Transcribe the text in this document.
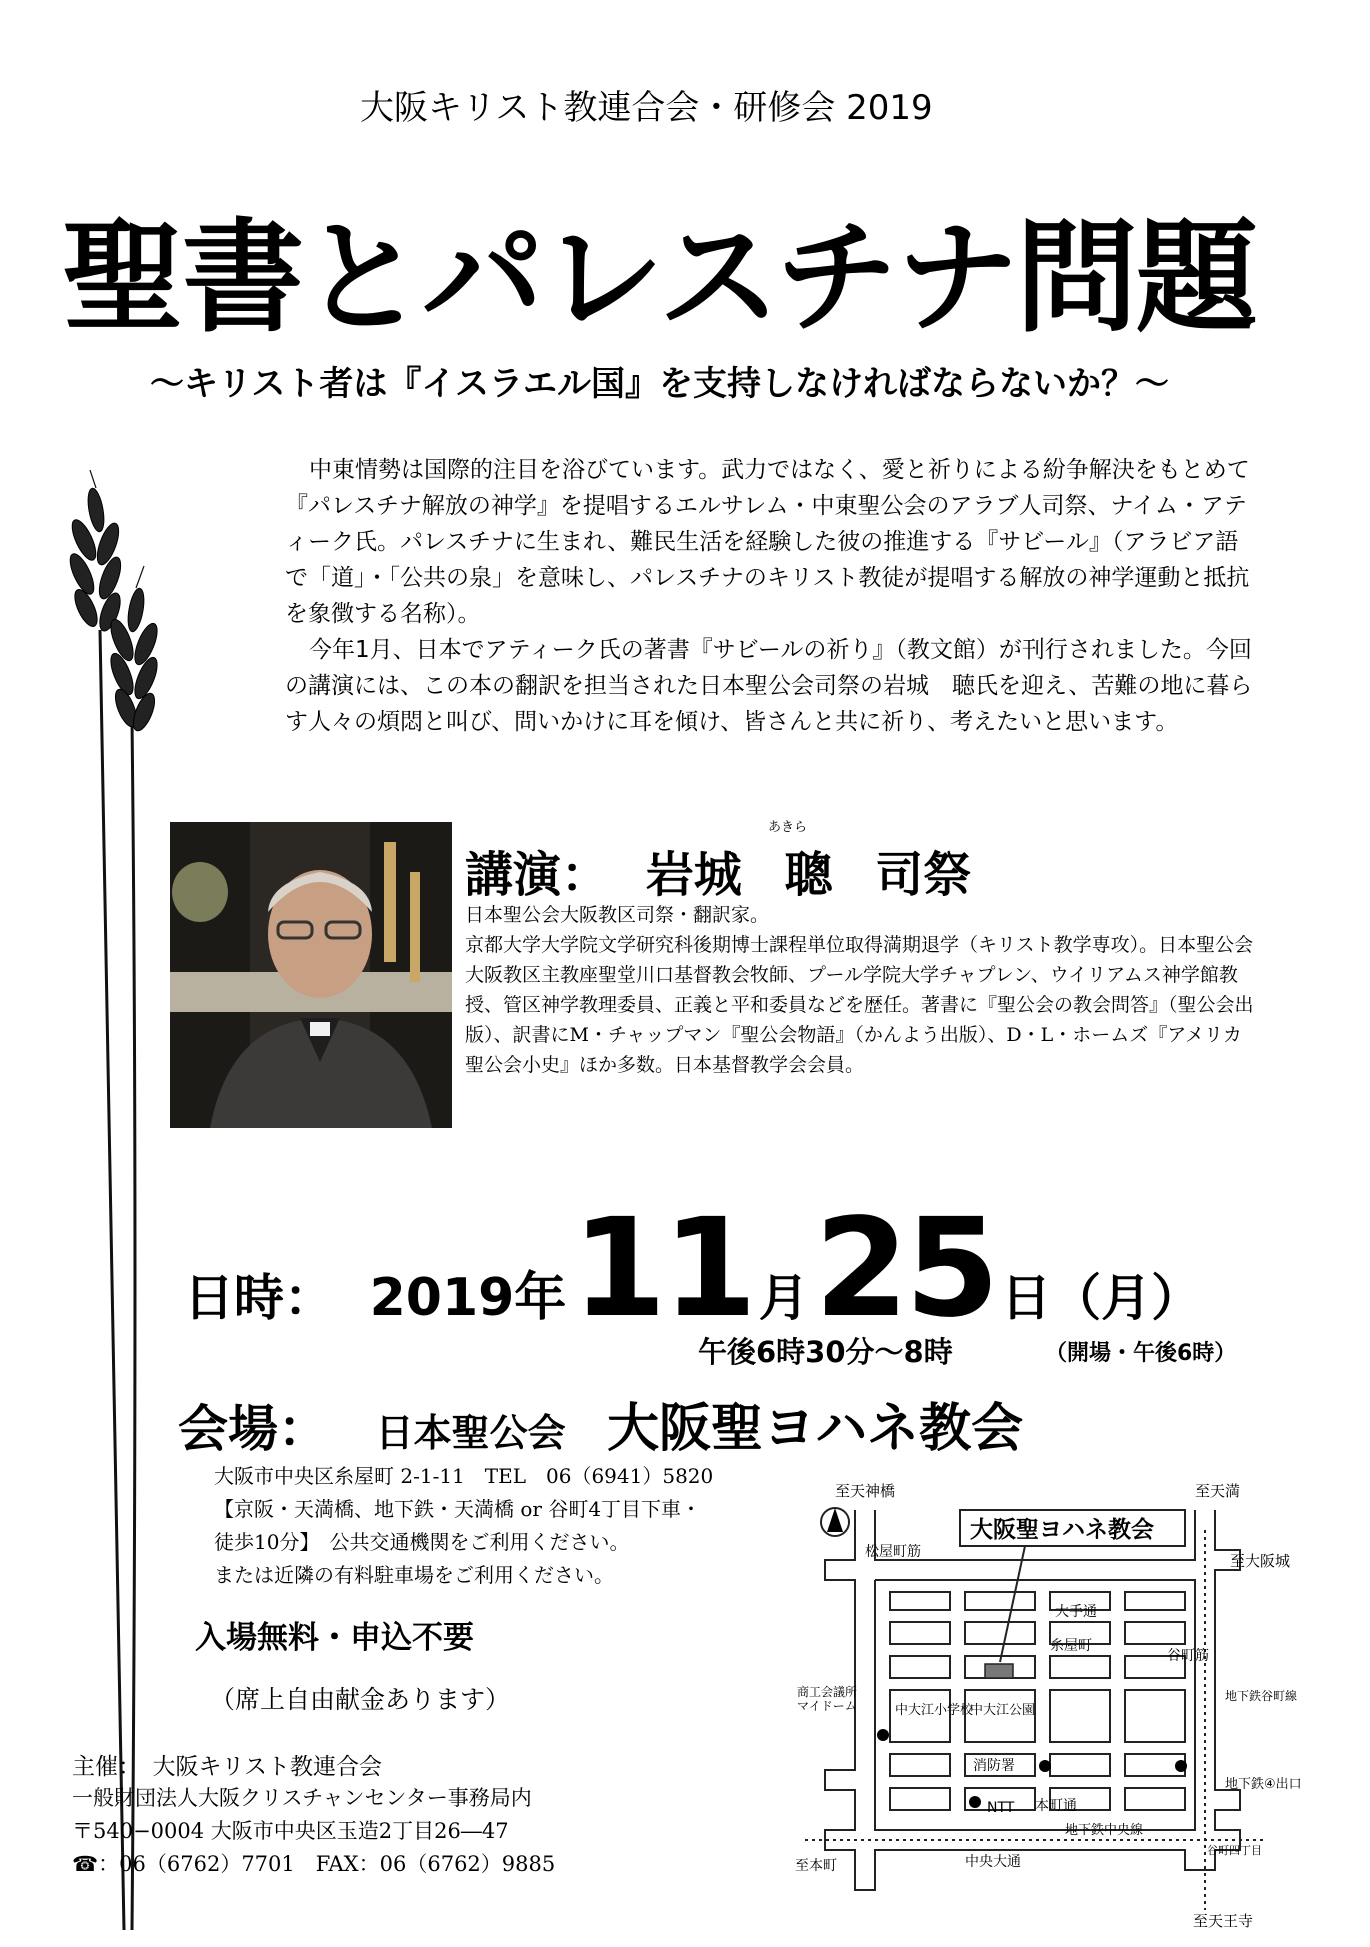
大阪キリスト教連合会・研修会 2019
聖書とパレスチナ問題
～キリスト者は『イスラエル国』を支持しなければならないか？～

中東情勢は国際的注目を浴びています。武力ではなく、愛と祈りによる紛争解決をもとめて『パレスチナ解放の神学』を提唱するエルサレム・中東聖公会のアラブ人司祭、ナイム・アティーク氏。パレスチナに生まれ、難民生活を経験した彼の推進する『サビール』（アラビア語で「道」・「公共の泉」を意味し、パレスチナのキリスト教徒が提唱する解放の神学運動と抵抗を象徴する名称）。

今年1月、日本でアティーク氏の著書『サビールの祈り』（教文館）が刊行されました。今回の講演には、この本の翻訳を担当された日本聖公会司祭の岩城　聴氏を迎え、苦難の地に暮らす人々の煩悶と叫び、問いかけに耳を傾け、皆さんと共に祈り、考えたいと思います。

あきら
講演： 岩城 聰 司祭
日本聖公会大阪教区司祭・翻訳家。
京都大学大学院文学研究科後期博士課程単位取得満期退学（キリスト教学専攻）。日本聖公会大阪教区主教座聖堂川口基督教会牧師、プール学院大学チャプレン、ウイリアムス神学館教授、管区神学教理委員、正義と平和委員などを歴任。著書に『聖公会の教会問答』（聖公会出版）、訳書にM・チャップマン『聖公会物語』（かんよう出版）、D・L・ホームズ『アメリカ聖公会小史』ほか多数。日本基督教学会会員。
日時： 2019年 11 月 25 日（月）
午後6時30分～8時	（開場・午後6時）
会場： 日本聖公会 大阪聖ヨハネ教会
大阪市中央区糸屋町 2-1-11　TEL　06（6941）5820
【京阪・天満橋、地下鉄・天満橋 or 谷町4丁目下車・
徒歩10分】　公共交通機関をご利用ください。
または近隣の有料駐車場をご利用ください。
入場無料・申込不要
（席上自由献金あります）
主催：　大阪キリスト教連合会
一般財団法人大阪クリスチャンセンター事務局内
〒540−0004 大阪市中央区玉造2丁目26―47
☎：06（6762）7701　FAX：06（6762）9885
大阪聖ヨハネ教会
至天神橋	至天満
至大阪城
至本町
至天王寺
松屋町筋
谷町筋
大手通
糸屋町
中大江小学校
中大江公園
消防署
本町通
NTT
マイドーム
商工会議所	地下鉄谷町線
地下鉄④出口
谷町四丁目
中央大通
地下鉄中央線
